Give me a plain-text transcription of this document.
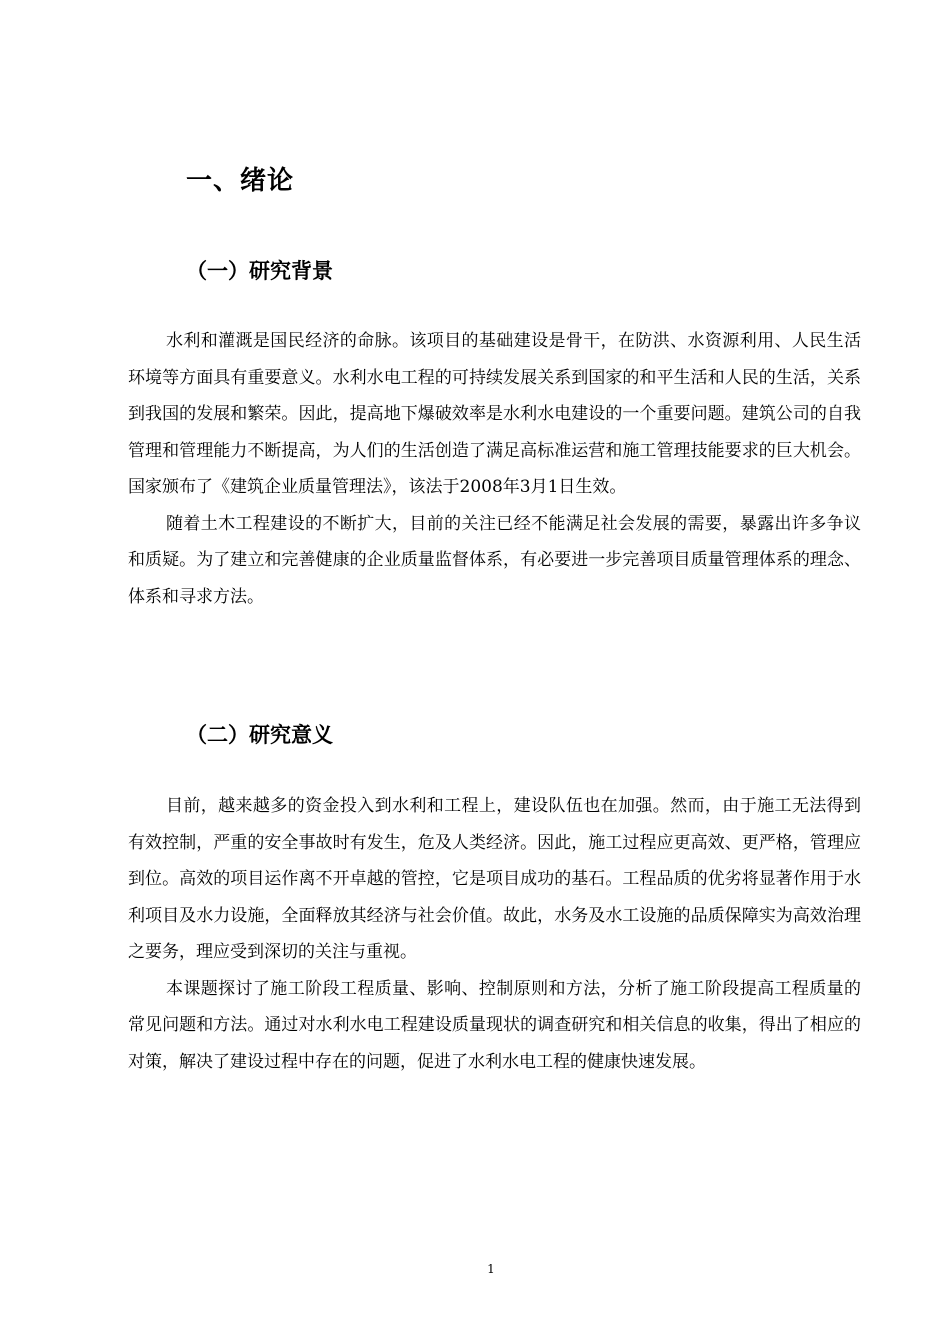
一、绪论
（一）研究背景

水利和灌溉是国民经济的命脉。该项目的基础建设是骨干，在防洪、水资源利用、人民生活环境等方面具有重要意义。水利水电工程的可持续发展关系到国家的和平生活和人民的生活，关系到我国的发展和繁荣。因此，提高地下爆破效率是水利水电建设的一个重要问题。建筑公司的自我管理和管理能力不断提高，为人们的生活创造了满足高标准运营和施工管理技能要求的巨大机会。国家颁布了《建筑企业质量管理法》，该法于2008年3月1日生效。

随着土木工程建设的不断扩大，目前的关注已经不能满足社会发展的需要，暴露出许多争议和质疑。为了建立和完善健康的企业质量监督体系，有必要进一步完善项目质量管理体系的理念、体系和寻求方法。

（二）研究意义

目前，越来越多的资金投入到水利和工程上，建设队伍也在加强。然而，由于施工无法得到有效控制，严重的安全事故时有发生，危及人类经济。因此，施工过程应更高效、更严格，管理应到位。高效的项目运作离不开卓越的管控，它是项目成功的基石。工程品质的优劣将显著作用于水利项目及水力设施，全面释放其经济与社会价值。故此，水务及水工设施的品质保障实为高效治理之要务，理应受到深切的关注与重视。

本课题探讨了施工阶段工程质量、影响、控制原则和方法，分析了施工阶段提高工程质量的常见问题和方法。通过对水利水电工程建设质量现状的调查研究和相关信息的收集，得出了相应的对策，解决了建设过程中存在的问题，促进了水利水电工程的健康快速发展。

1
